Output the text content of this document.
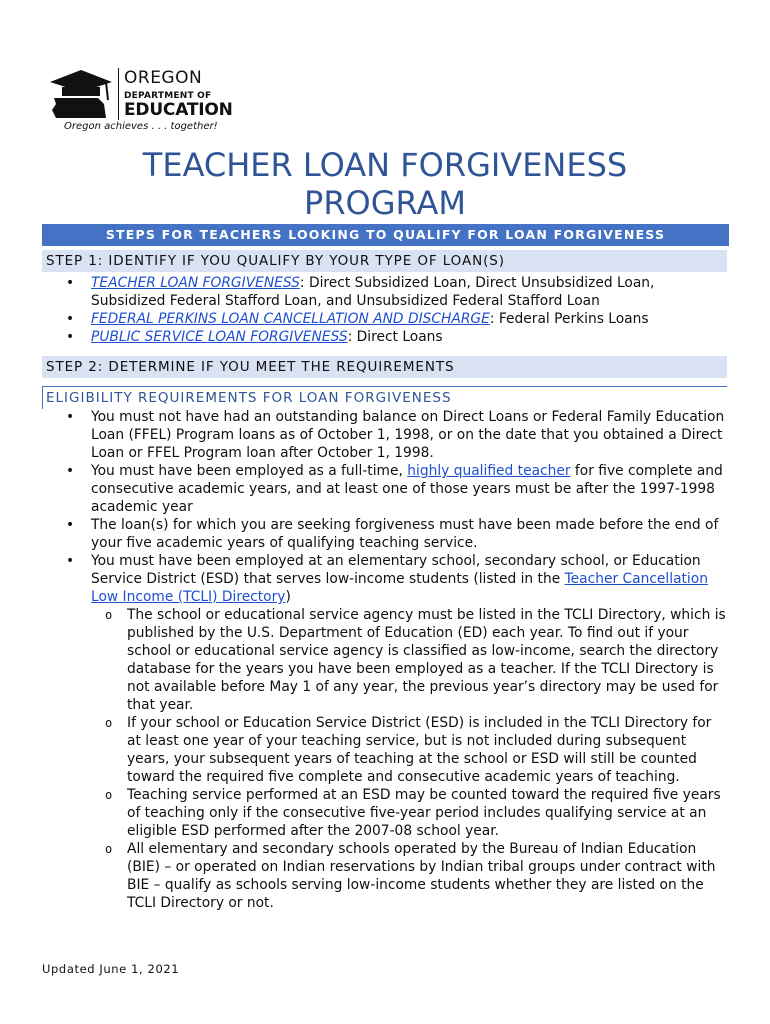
OREGON
DEPARTMENT OF
EDUCATION
Oregon achieves . . . together!
TEACHER LOAN FORGIVENESS PROGRAM
STEPS FOR TEACHERS LOOKING TO QUALIFY FOR LOAN FORGIVENESS
STEP 1: IDENTIFY IF YOU QUALIFY BY YOUR TYPE OF LOAN(S)
• TEACHER LOAN FORGIVENESS: Direct Subsidized Loan, Direct Unsubsidized Loan, Subsidized Federal Stafford Loan, and Unsubsidized Federal Stafford Loan
• FEDERAL PERKINS LOAN CANCELLATION AND DISCHARGE: Federal Perkins Loans
• PUBLIC SERVICE LOAN FORGIVENESS: Direct Loans
STEP 2: DETERMINE IF YOU MEET THE REQUIREMENTS
ELIGIBILITY REQUIREMENTS FOR LOAN FORGIVENESS
• You must not have had an outstanding balance on Direct Loans or Federal Family Education Loan (FFEL) Program loans as of October 1, 1998, or on the date that you obtained a Direct Loan or FFEL Program loan after October 1, 1998.
• You must have been employed as a full-time, highly qualified teacher for five complete and consecutive academic years, and at least one of those years must be after the 1997-1998 academic year
• The loan(s) for which you are seeking forgiveness must have been made before the end of your five academic years of qualifying teaching service.
• You must have been employed at an elementary school, secondary school, or Education Service District (ESD) that serves low-income students (listed in the Teacher Cancellation Low Income (TCLI) Directory)
o The school or educational service agency must be listed in the TCLI Directory, which is published by the U.S. Department of Education (ED) each year. To find out if your school or educational service agency is classified as low-income, search the directory database for the years you have been employed as a teacher. If the TCLI Directory is not available before May 1 of any year, the previous year’s directory may be used for that year.
o If your school or Education Service District (ESD) is included in the TCLI Directory for at least one year of your teaching service, but is not included during subsequent years, your subsequent years of teaching at the school or ESD will still be counted toward the required five complete and consecutive academic years of teaching.
o Teaching service performed at an ESD may be counted toward the required five years of teaching only if the consecutive five-year period includes qualifying service at an eligible ESD performed after the 2007-08 school year.
o All elementary and secondary schools operated by the Bureau of Indian Education (BIE) – or operated on Indian reservations by Indian tribal groups under contract with BIE – qualify as schools serving low-income students whether they are listed on the TCLI Directory or not.
Updated June 1, 2021
